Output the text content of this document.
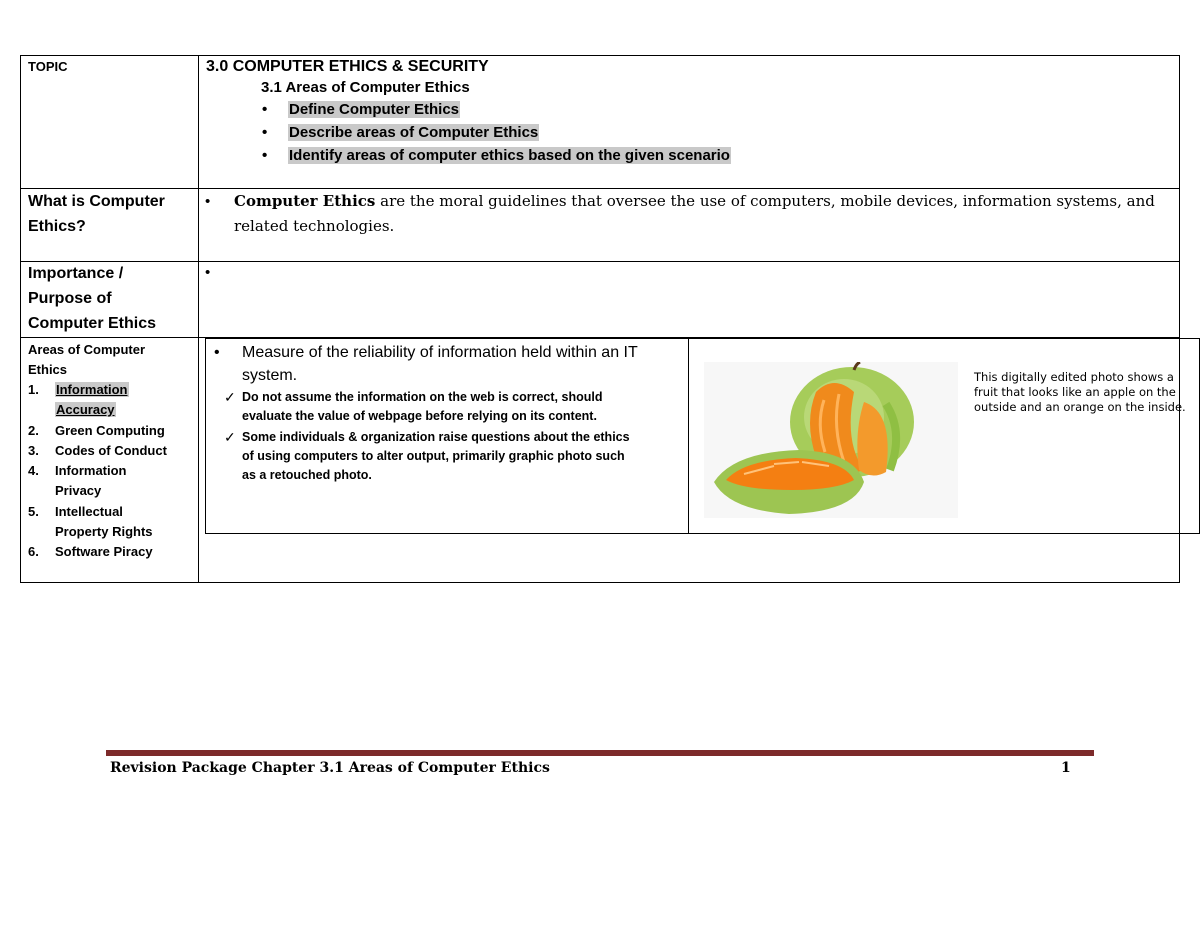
TOPIC	3.0 COMPUTER ETHICS & SECURITY
3.1 Areas of Computer Ethics
• Define Computer Ethics
• Describe areas of Computer Ethics
• Identify areas of computer ethics based on the given scenario
What is Computer
Ethics?
• Computer Ethics are the moral guidelines that oversee the use of computers, mobile devices, information systems, and
related technologies.
Importance /
Purpose of
Computer Ethics
•
Areas of Computer
Ethics
1. Information
Accuracy
2. Green Computing
3. Codes of Conduct
4. Information
Privacy
5. Intellectual
Property Rights
6. Software Piracy
• Measure of the reliability of information held within an IT
system.
✓ Do not assume the information on the web is correct, should
evaluate the value of webpage before relying on its content.
✓ Some individuals & organization raise questions about the ethics
of using computers to alter output, primarily graphic photo such
as a retouched photo.
This digitally edited photo shows a
fruit that looks like an apple on the
outside and an orange on the inside.
Revision Package Chapter 3.1 Areas of Computer Ethics	1
